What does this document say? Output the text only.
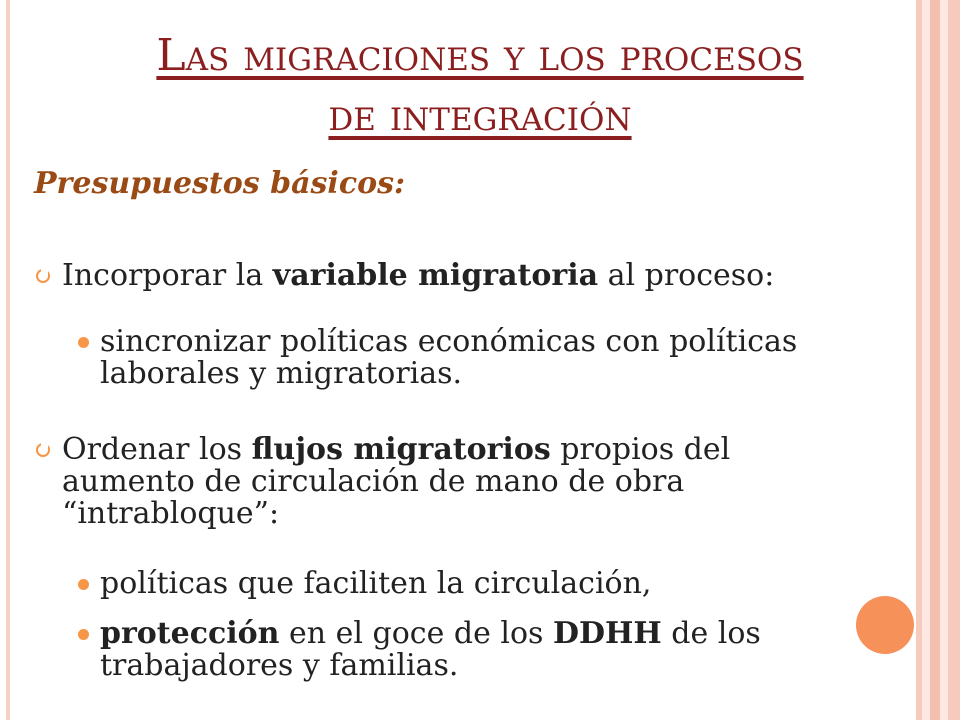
Las migraciones y los procesos
de integración
Presupuestos básicos:
Incorporar la variable migratoria al proceso:
sincronizar políticas económicas con políticas laborales y migratorias.
Ordenar los flujos migratorios propios del aumento de circulación de mano de obra “intrabloque”:
políticas que faciliten la circulación,
protección en el goce de los DDHH de los trabajadores y familias.
